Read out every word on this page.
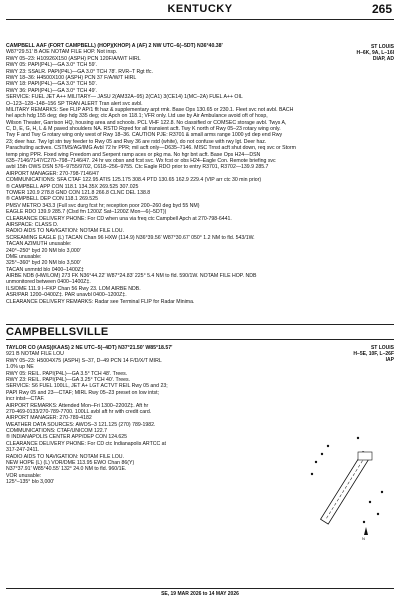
KENTUCKY	265
ST LOUIS
H–6K, 9A, L–16I
DIAP, AD
CAMPBELL AAF (FORT CAMPBELL) (HOP)(KHOP) A (AF) 2 NW UTC–6(–5DT) N36°40.38′
W87°29.51′ B AOE NOTAM FILE HOP. Not insp.
RWY 05–23: H10926X150 (ASPH) PCN 120F/A/W/T HIRL
RWY 05: PAPI(P4L)—GA 3.0° TCH 59′.
RWY 23: SSALR. PAPI(P4L)—GA 3.0° TCH 78′. RVR–T Rgt tfc.
RWY 18–36: H4500X100 (ASPH) PCN 37 F/A/W/T HIRL
RWY 18: PAPI(P4L)—GA 3.0° TCH 50′.
RWY 36: PAPI(P4L)—GA 3.0° TCH 49′.
SERVICE: FUEL JET A++ MILITARY— JASU 2(AM32A–95) 2(CA1) 3(CE14) 1(MC–2A) FUEL A++ OIL
O–123–128–148–156 SP TRAN ALERT Tran alert svc avbl.
MILITARY REMARKS: See FLIP AP/1 flt haz & supplementary arpt rmk. Base Ops 130.65 or 230.1. Fleet svc not avbl. BACH
hel apch hdg 155 deg; dep hdg 335 deg; ctc Apch on 118.1; VFR only. Ltd use by Air Ambulance avoid oft of hosp,
Wilson Theater, Garrison HQ, housing area and schools. PCL VHF 122.8. No classified or COMSEC storage avbl. Twys A,
C, D, E, G, H, L & M paved shoulders NA. RSTD Rqred for all transient acft. Twy K north of Rwy 05–23 rotary wing only.
Twy F and Twy G rotary wing only west of Rwy 18–36. CAUTION PJE: R3701 & small arms range 1000 yd dep end Rwy
23; deer haz. Twy lgt stn twy feeder to Rwy 05 and Rwy 36 are rstd (white), do not confuse with rwy lgt. Deer haz.
Parachuting actives. CSTMS/AG/IMG Avbl 72 hr PPR; mil acft only—D635–7146. MISC Trnst acft shut down, req svc or Storm
temp ping PPR. Fixed wing Freedom and Serpent ramp aces or pkg ma. No hgr bnt acft. Base Ops H24—DSN
635–7146/7147/C270–798–7146/47. 24 hr wx obsn and fcst svc. Wx fcst or obs H24–Eagle Con. Remote briefing svc
avbl 15th OWS DSN 576–9755/9702, C618–256–9755. Ctc Eagle RDO prior to entry R3701, R3702—139.9 285.7
AIRPORT MANAGER: 270-798-7146/47
COMMUNICATIONS: SFA CTAF 122.95 ATIS 125.175 308.4 PTD 130.65 162.9 229.4 (VIP arr ctc 30 min prior)
® CAMPBELL APP CON 118.1 134.35X 269.525 307.025
TOWER 120.9 278.8 GND CON 121.8 266.8 CLNC DEL 138.8
® CAMPBELL DEP CON 118.1 269.525
PMSV METRO 343.3 (Full svc durg fcst hr; reception poor 200–260 deg byd 55 NM)
EAGLE RDO 139.9 285.7 (Clsd fm 1200Z Sat–1200Z Mon—6(–5DT))
CLEARANCE DELIVERY PHONE: For CD when una via freq ctc Campbell Apch at 270-798-6441.
AIRSPACE: CLASS D.
RADIO AIDS TO NAVIGATION: NOTAM FILE LOU.
SCREAMING EAGLE (L) TACAN Chan 96 HXW (114.9) N36°39.56′ W87°30.67′ 050° 1.2 NM to fld. 543/1W.
TACAN AZIMUTH unusable:
240°–250° byd 20 NM blo 3,000′
DME unusable:
325°–360° byd 20 NM blo 3,500′
TACAN unmntd blo 0400–1400Z‡
AIRBE NDB (HW/LOM) 273 FK N36°44.22′ W87°24.83′ 225° 5.4 NM to fld. 590/1W. NOTAM FILE HOP. NDB
unmonitored between 0400–1400Z‡.
ILS/DME 111.9 I–FKP Chan 56 Rwy 23. LOM AIRBE NDB.
ASR/PAR 1200–0400Z‡. PAR unavbl 0400–1200Z‡.
CLEARANCE DELIVERY REMARKS: Radar see Terminal FLIP for Radar Minima.
CAMPBELLSVILLE
ST LOUIS
H–5E, 10F, L–26F
IAP
TAYLOR CO (AAS)(KAAS) 2 NE UTC–5(–4DT) N37°21.50′ W85°18.57′
921 B NOTAM FILE LOU
RWY 05–23: H5004X75 (ASPH) S–37, D–49 PCN 14 F/D/X/T MIRL
1.0% up NE
RWY 05: REIL. PAPI(P4L)—GA 3.5° TCH 48′. Trees.
RWY 23: REIL. PAPI(P4L)—GA 3.25° TCH 40′. Trees.
SERVICE: S6 FUEL 100LL, JET A+ LGT ACTVT REIL Rwy 05 and 23;
PAPI Rwy 05 and 23—CTAF; MIRL Rwy 05–23 preset on low intst;
incr intst—CTAF.
AIRPORT REMARKS: Attended Mon–Fri 1300–2200Z‡. Aft hr
270-469-0133/270-789-7700. 100LL avbl aft hr with credit card.
AIRPORT MANAGER: 270-789-4182
WEATHER DATA SOURCES: AWOS–3 121.125 (270) 789-1982.
COMMUNICATIONS: CTAF/UNICOM 122.7
® INDIANAPOLIS CENTER APP/DEP CON 124.625
CLEARANCE DELIVERY PHONE: For CD ctc Indianapolis ARTCC at
317-247-2411.
RADIO AIDS TO NAVIGATION: NOTAM FILE LOU.
NEW HOPE (L) (L) VOR/DME 113.95 EWO Chan 86(Y)
N37°37.91′ W85°40.55′ 132° 24.0 NM to fld. 960/1E.
VOR unusable:
125°–135° blo 3,000′
N
SE, 19 MAR 2026 to 14 MAY 2026
